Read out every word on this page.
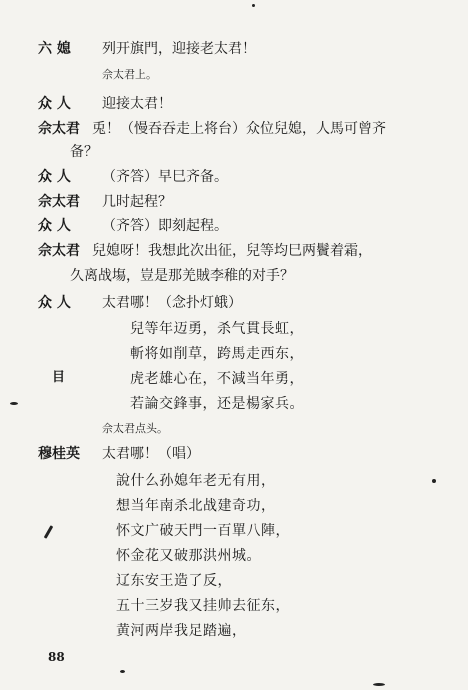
六 媳 列开旗門，迎接老太君！
佘太君上。
众 人 迎接太君！
佘太君 兎！（慢吞吞走上将台）众位兒媳，人馬可曾齐
备？
众 人 （齐答）早巳齐备。
佘太君 几时起程？
众 人 （齐答）即刻起程。
佘太君 兒媳呀！我想此次出征，兒等均巳两鬢着霜，
久离战塲，豈是那羌賊李稚的对手？
众 人 太君哪！（念扑灯蛾）
兒等年迈勇，杀气貫長虹，
斬将如削草，跨馬走西东，
目	虎老雄心在，不減当年勇，
若論交鋒事，还是楊家兵。
佘太君点头。
穆桂英 太君哪！（唱）
說什么孙媳年老无有用，
想当年南杀北战建奇功，
怀文广破天門一百單八陣，
怀金花又破那洪州城。
辽东安王造了反，
五十三岁我又挂帅去征东，
黄河两岸我足踏遍，
88
